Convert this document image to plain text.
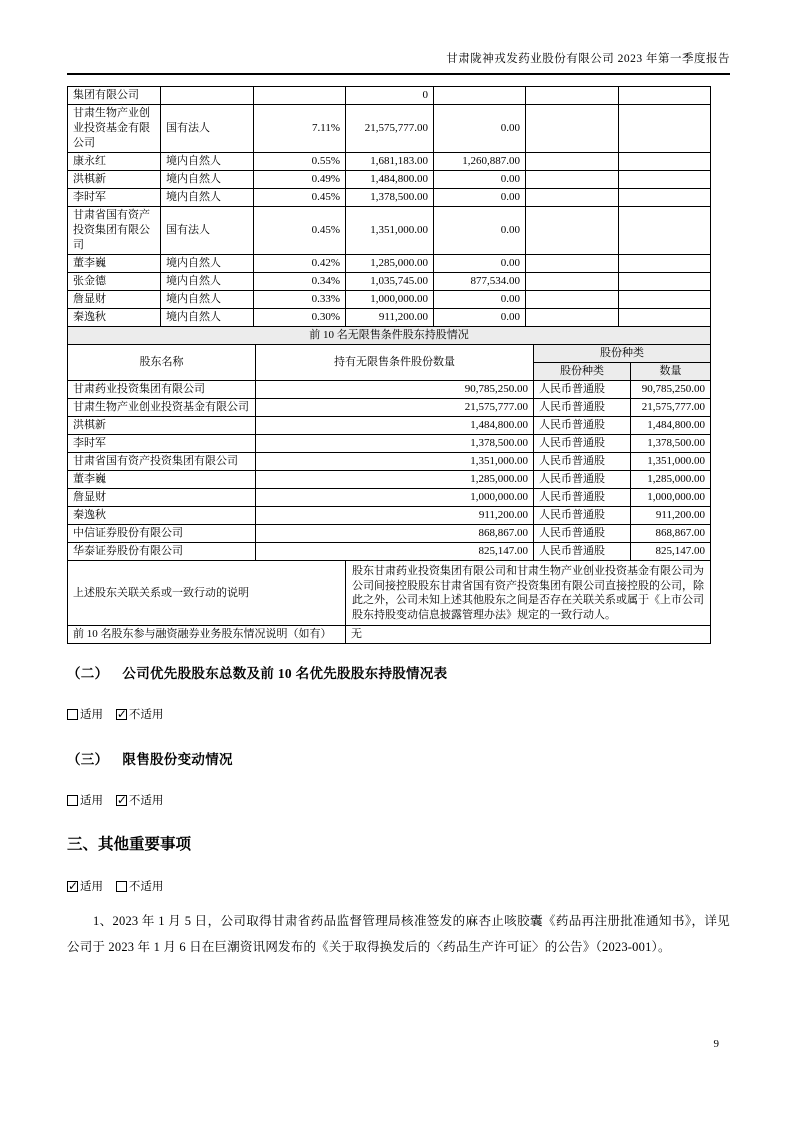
甘肃陇神戎发药业股份有限公司 2023 年第一季度报告
集团有限公司			0			
甘肃生物产业创业投资基金有限公司	国有法人	7.11%	21,575,777.00	0.00		
康永红	境内自然人	0.55%	1,681,183.00	1,260,887.00		
洪棋新	境内自然人	0.49%	1,484,800.00	0.00		
李时军	境内自然人	0.45%	1,378,500.00	0.00		
甘肃省国有资产投资集团有限公司	国有法人	0.45%	1,351,000.00	0.00		
董李巍	境内自然人	0.42%	1,285,000.00	0.00		
张金德	境内自然人	0.34%	1,035,745.00	877,534.00		
詹显财	境内自然人	0.33%	1,000,000.00	0.00		
秦逸秋	境内自然人	0.30%	911,200.00	0.00		
前 10 名无限售条件股东持股情况			
股东名称	持有无限售条件股份数量	股份种类	
		股份种类	数量
甘肃药业投资集团有限公司	90,785,250.00	人民币普通股	90,785,250.00
甘肃生物产业创业投资基金有限公司	21,575,777.00	人民币普通股	21,575,777.00
洪棋新	1,484,800.00	人民币普通股	1,484,800.00
李时军	1,378,500.00	人民币普通股	1,378,500.00
甘肃省国有资产投资集团有限公司	1,351,000.00	人民币普通股	1,351,000.00
董李巍	1,285,000.00	人民币普通股	1,285,000.00
詹显财	1,000,000.00	人民币普通股	1,000,000.00
秦逸秋	911,200.00	人民币普通股	911,200.00
中信证券股份有限公司	868,867.00	人民币普通股	868,867.00
华泰证券股份有限公司	825,147.00	人民币普通股	825,147.00
上述股东关联关系或一致行动的说明	股东甘肃药业投资集团有限公司和甘肃生物产业创业投资基金有限公司为公司间接控股股东甘肃省国有资产投资集团有限公司直接控股的公司，除此之外，公司未知上述其他股东之间是否存在关联关系或属于《上市公司股东持股变动信息披露管理办法》规定的一致行动人。
前 10 名股东参与融资融券业务股东情况说明（如有）	无
（二） 公司优先股股东总数及前 10 名优先股股东持股情况表
适用 ✓ 不适用
（三） 限售股份变动情况
适用 ✓ 不适用
三、其他重要事项
✓适用 不适用

1、2023 年 1 月 5 日，公司取得甘肃省药品监督管理局核准签发的麻杏止咳胶囊《药品再注册批准通知书》，详见公司于 2023 年 1 月 6 日在巨潮资讯网发布的《关于取得换发后的〈药品生产许可证〉的公告》（2023-001）。

9
